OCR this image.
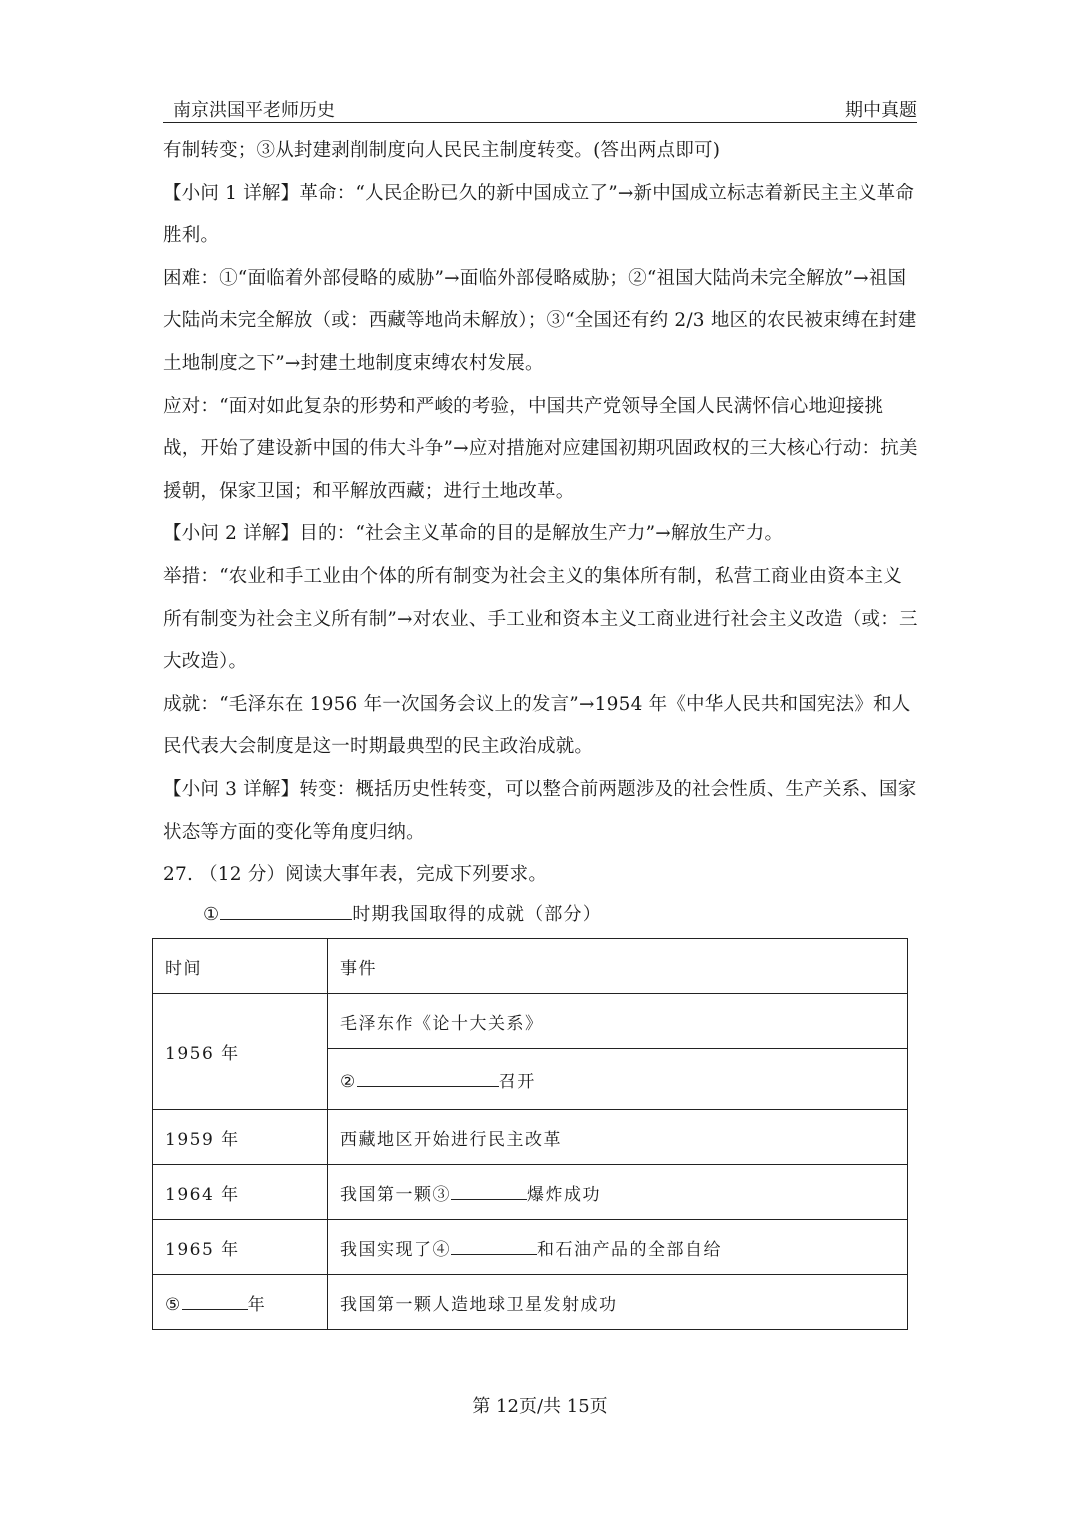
南京洪国平老师历史	期中真题

有制转变；③从封建剥削制度向人民民主制度转变。(答出两点即可)

【小问 1 详解】革命：“人民企盼已久的新中国成立了”→新中国成立标志着新民主主义革命胜利。

困难：①“面临着外部侵略的威胁”→面临外部侵略威胁；②“祖国大陆尚未完全解放”→祖国大陆尚未完全解放（或：西藏等地尚未解放）；③“全国还有约 2/3 地区的农民被束缚在封建土地制度之下”→封建土地制度束缚农村发展。

应对：“面对如此复杂的形势和严峻的考验，中国共产党领导全国人民满怀信心地迎接挑战，开始了建设新中国的伟大斗争”→应对措施对应建国初期巩固政权的三大核心行动：抗美援朝，保家卫国；和平解放西藏；进行土地改革。

【小问 2 详解】目的：“社会主义革命的目的是解放生产力”→解放生产力。

举措：“农业和手工业由个体的所有制变为社会主义的集体所有制，私营工商业由资本主义所有制变为社会主义所有制”→对农业、手工业和资本主义工商业进行社会主义改造（或：三大改造）。

成就：“毛泽东在 1956 年一次国务会议上的发言”→1954 年《中华人民共和国宪法》和人民代表大会制度是这一时期最典型的民主政治成就。

【小问 3 详解】转变：概括历史性转变，可以整合前两题涉及的社会性质、生产关系、国家状态等方面的变化等角度归纳。

27. （12 分）阅读大事年表，完成下列要求。

①	时期我国取得的成就（部分）
时间	事件
1956 年	毛泽东作《论十大关系》
	② 召开
1959 年	西藏地区开始进行民主改革
1964 年	我国第一颗③ 爆炸成功
1965 年	我国实现了④ 和石油产品的全部自给
⑤ 年	我国第一颗人造地球卫星发射成功
第 12页/共 15页
